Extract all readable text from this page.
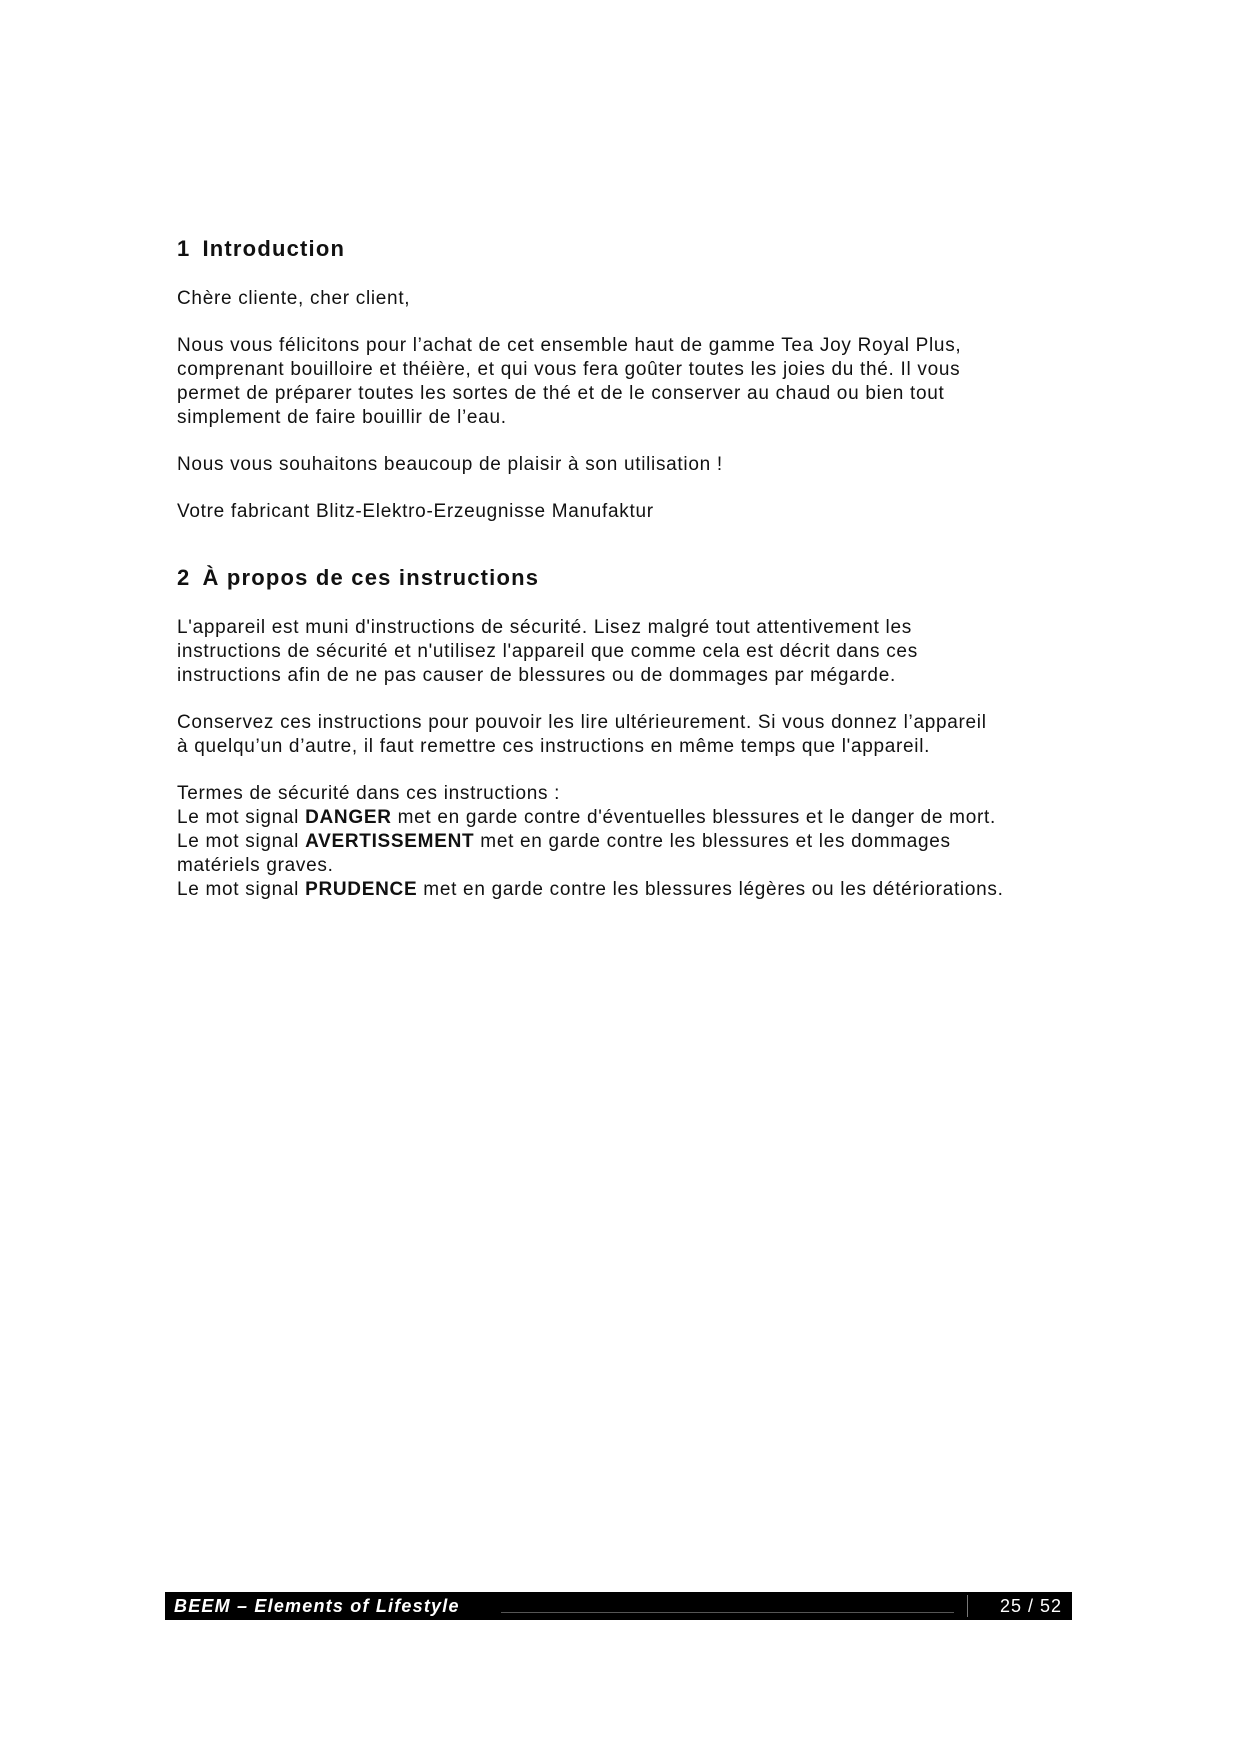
1 Introduction
Chère cliente, cher client,
Nous vous félicitons pour l’achat de cet ensemble haut de gamme Tea Joy Royal Plus,
comprenant bouilloire et théière, et qui vous fera goûter toutes les joies du thé. Il vous
permet de préparer toutes les sortes de thé et de le conserver au chaud ou bien tout
simplement de faire bouillir de l’eau.
Nous vous souhaitons beaucoup de plaisir à son utilisation !
Votre fabricant Blitz-Elektro-Erzeugnisse Manufaktur
2 À propos de ces instructions
L'appareil est muni d'instructions de sécurité. Lisez malgré tout attentivement les
instructions de sécurité et n'utilisez l'appareil que comme cela est décrit dans ces
instructions afin de ne pas causer de blessures ou de dommages par mégarde.
Conservez ces instructions pour pouvoir les lire ultérieurement. Si vous donnez l’appareil
à quelqu’un d’autre, il faut remettre ces instructions en même temps que l'appareil.
Termes de sécurité dans ces instructions :
Le mot signal DANGER met en garde contre d'éventuelles blessures et le danger de mort.
Le mot signal AVERTISSEMENT met en garde contre les blessures et les dommages
matériels graves.
Le mot signal PRUDENCE met en garde contre les blessures légères ou les détériorations.
BEEM – Elements of Lifestyle	25 / 52
